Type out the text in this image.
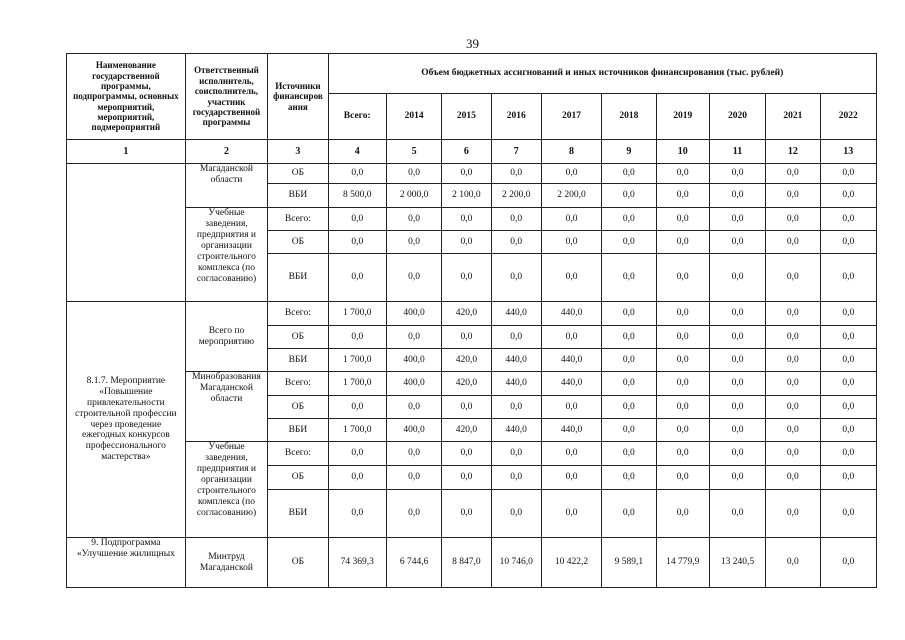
39
Наименование государственной программы, подпрограммы, основных мероприятий, мероприятий, подмероприятий	Ответственный исполнитель, соисполнитель, участник государственной программы	Источники финансиров ания	Объем бюджетных ассигнований и иных источников финансирования (тыс. рублей)									
			Всего:	2014	2015	2016	2017	2018	2019	2020	2021	2022
1	2	3	4	5	6	7	8	9	10	11	12	13
	Магаданской области	ОБ	0,0	0,0	0,0	0,0	0,0	0,0	0,0	0,0	0,0	0,0
		ВБИ	8 500,0	2 000,0	2 100,0	2 200,0	2 200,0	0,0	0,0	0,0	0,0	0,0
	Учебные заведения, предприятия и организации строительного комплекса (по согласованию)	Всего:	0,0	0,0	0,0	0,0	0,0	0,0	0,0	0,0	0,0	0,0
		ОБ	0,0	0,0	0,0	0,0	0,0	0,0	0,0	0,0	0,0	0,0
		ВБИ	0,0	0,0	0,0	0,0	0,0	0,0	0,0	0,0	0,0	0,0
8.1.7. Мероприятие «Повышение привлекательности строительной профессии через проведение ежегодных конкурсов профессионального мастерства»	Всего по мероприятию	Всего:	1 700,0	400,0	420,0	440,0	440,0	0,0	0,0	0,0	0,0	0,0
		ОБ	0,0	0,0	0,0	0,0	0,0	0,0	0,0	0,0	0,0	0,0
		ВБИ	1 700,0	400,0	420,0	440,0	440,0	0,0	0,0	0,0	0,0	0,0
	Минобразования Магаданской области	Всего:	1 700,0	400,0	420,0	440,0	440,0	0,0	0,0	0,0	0,0	0,0
		ОБ	0,0	0,0	0,0	0,0	0,0	0,0	0,0	0,0	0,0	0,0
		ВБИ	1 700,0	400,0	420,0	440,0	440,0	0,0	0,0	0,0	0,0	0,0
	Учебные заведения, предприятия и организации строительного комплекса (по согласованию)	Всего:	0,0	0,0	0,0	0,0	0,0	0,0	0,0	0,0	0,0	0,0
		ОБ	0,0	0,0	0,0	0,0	0,0	0,0	0,0	0,0	0,0	0,0
		ВБИ	0,0	0,0	0,0	0,0	0,0	0,0	0,0	0,0	0,0	0,0
9. Подпрограмма «Улучшение жилищных	Минтруд Магаданской	ОБ	74 369,3	6 744,6	8 847,0	10 746,0	10 422,2	9 589,1	14 779,9	13 240,5	0,0	0,0
